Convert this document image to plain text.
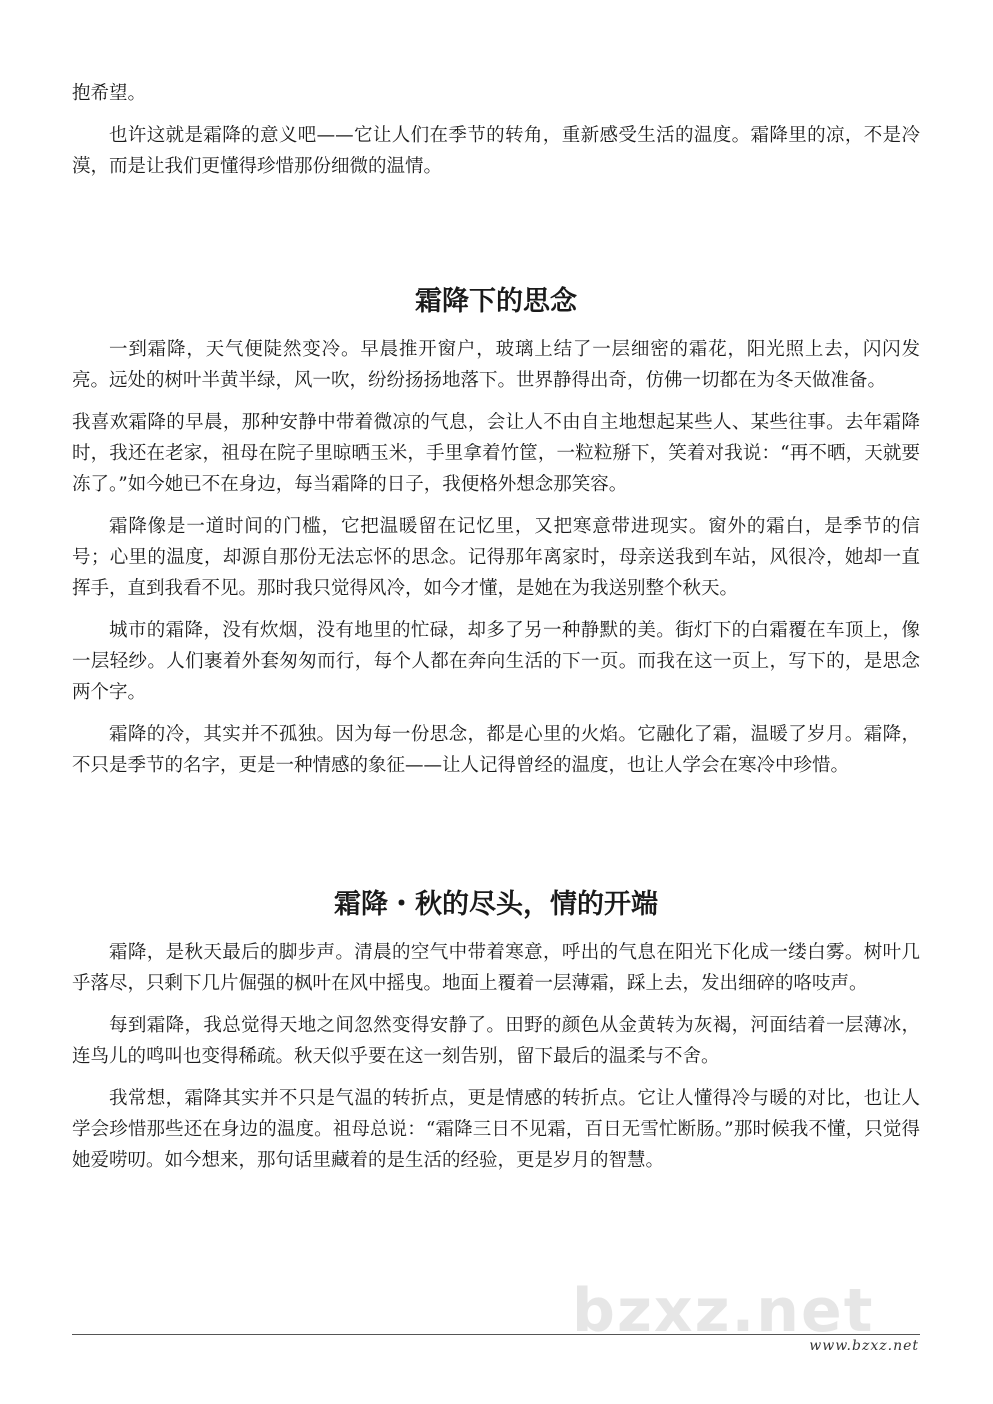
bzxz.net

抱希望。

也许这就是霜降的意义吧——它让人们在季节的转角，重新感受生活的温度。霜降里的凉，不是冷漠，而是让我们更懂得珍惜那份细微的温情。

霜降下的思念

一到霜降，天气便陡然变冷。早晨推开窗户，玻璃上结了一层细密的霜花，阳光照上去，闪闪发亮。远处的树叶半黄半绿，风一吹，纷纷扬扬地落下。世界静得出奇，仿佛一切都在为冬天做准备。

我喜欢霜降的早晨，那种安静中带着微凉的气息，会让人不由自主地想起某些人、某些往事。去年霜降时，我还在老家，祖母在院子里晾晒玉米，手里拿着竹筐，一粒粒掰下，笑着对我说：“再不晒，天就要冻了。”如今她已不在身边，每当霜降的日子，我便格外想念那笑容。

霜降像是一道时间的门槛，它把温暖留在记忆里，又把寒意带进现实。窗外的霜白，是季节的信号；心里的温度，却源自那份无法忘怀的思念。记得那年离家时，母亲送我到车站，风很冷，她却一直挥手，直到我看不见。那时我只觉得风冷，如今才懂，是她在为我送别整个秋天。

城市的霜降，没有炊烟，没有地里的忙碌，却多了另一种静默的美。街灯下的白霜覆在车顶上，像一层轻纱。人们裹着外套匆匆而行，每个人都在奔向生活的下一页。而我在这一页上，写下的，是思念两个字。

霜降的冷，其实并不孤独。因为每一份思念，都是心里的火焰。它融化了霜，温暖了岁月。霜降，不只是季节的名字，更是一种情感的象征——让人记得曾经的温度，也让人学会在寒冷中珍惜。

霜降・秋的尽头，情的开端

霜降，是秋天最后的脚步声。清晨的空气中带着寒意，呼出的气息在阳光下化成一缕白雾。树叶几乎落尽，只剩下几片倔强的枫叶在风中摇曳。地面上覆着一层薄霜，踩上去，发出细碎的咯吱声。

每到霜降，我总觉得天地之间忽然变得安静了。田野的颜色从金黄转为灰褐，河面结着一层薄冰，连鸟儿的鸣叫也变得稀疏。秋天似乎要在这一刻告别，留下最后的温柔与不舍。

我常想，霜降其实并不只是气温的转折点，更是情感的转折点。它让人懂得冷与暖的对比，也让人学会珍惜那些还在身边的温度。祖母总说：“霜降三日不见霜，百日无雪忙断肠。”那时候我不懂，只觉得她爱唠叨。如今想来，那句话里藏着的是生活的经验，更是岁月的智慧。

www.bzxz.net
